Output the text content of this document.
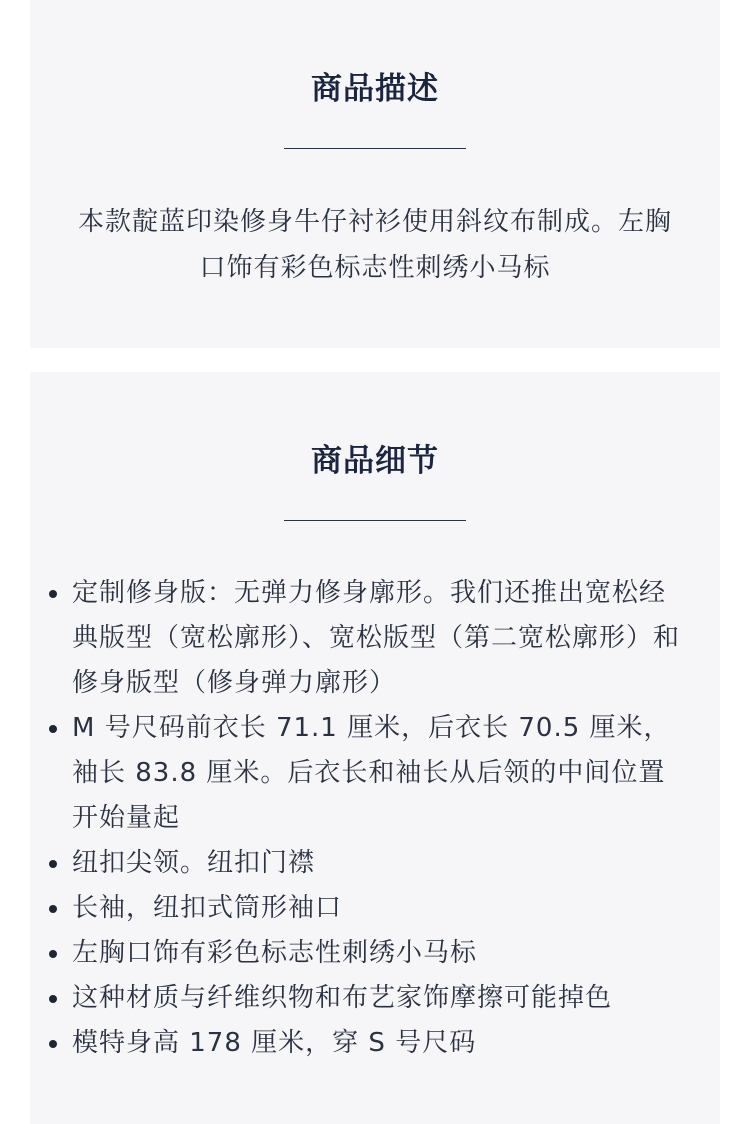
商品描述

本款靛蓝印染修身牛仔衬衫使用斜纹布制成。左胸口饰有彩色标志性刺绣小马标

商品细节
定制修身版：无弹力修身廓形。我们还推出宽松经典版型（宽松廓形）、宽松版型（第二宽松廓形）和修身版型（修身弹力廓形）
M 号尺码前衣长 71.1 厘米，后衣长 70.5 厘米，袖长 83.8 厘米。后衣长和袖长从后领的中间位置开始量起
纽扣尖领。纽扣门襟
长袖，纽扣式筒形袖口
左胸口饰有彩色标志性刺绣小马标
这种材质与纤维织物和布艺家饰摩擦可能掉色
模特身高 178 厘米，穿 S 号尺码
